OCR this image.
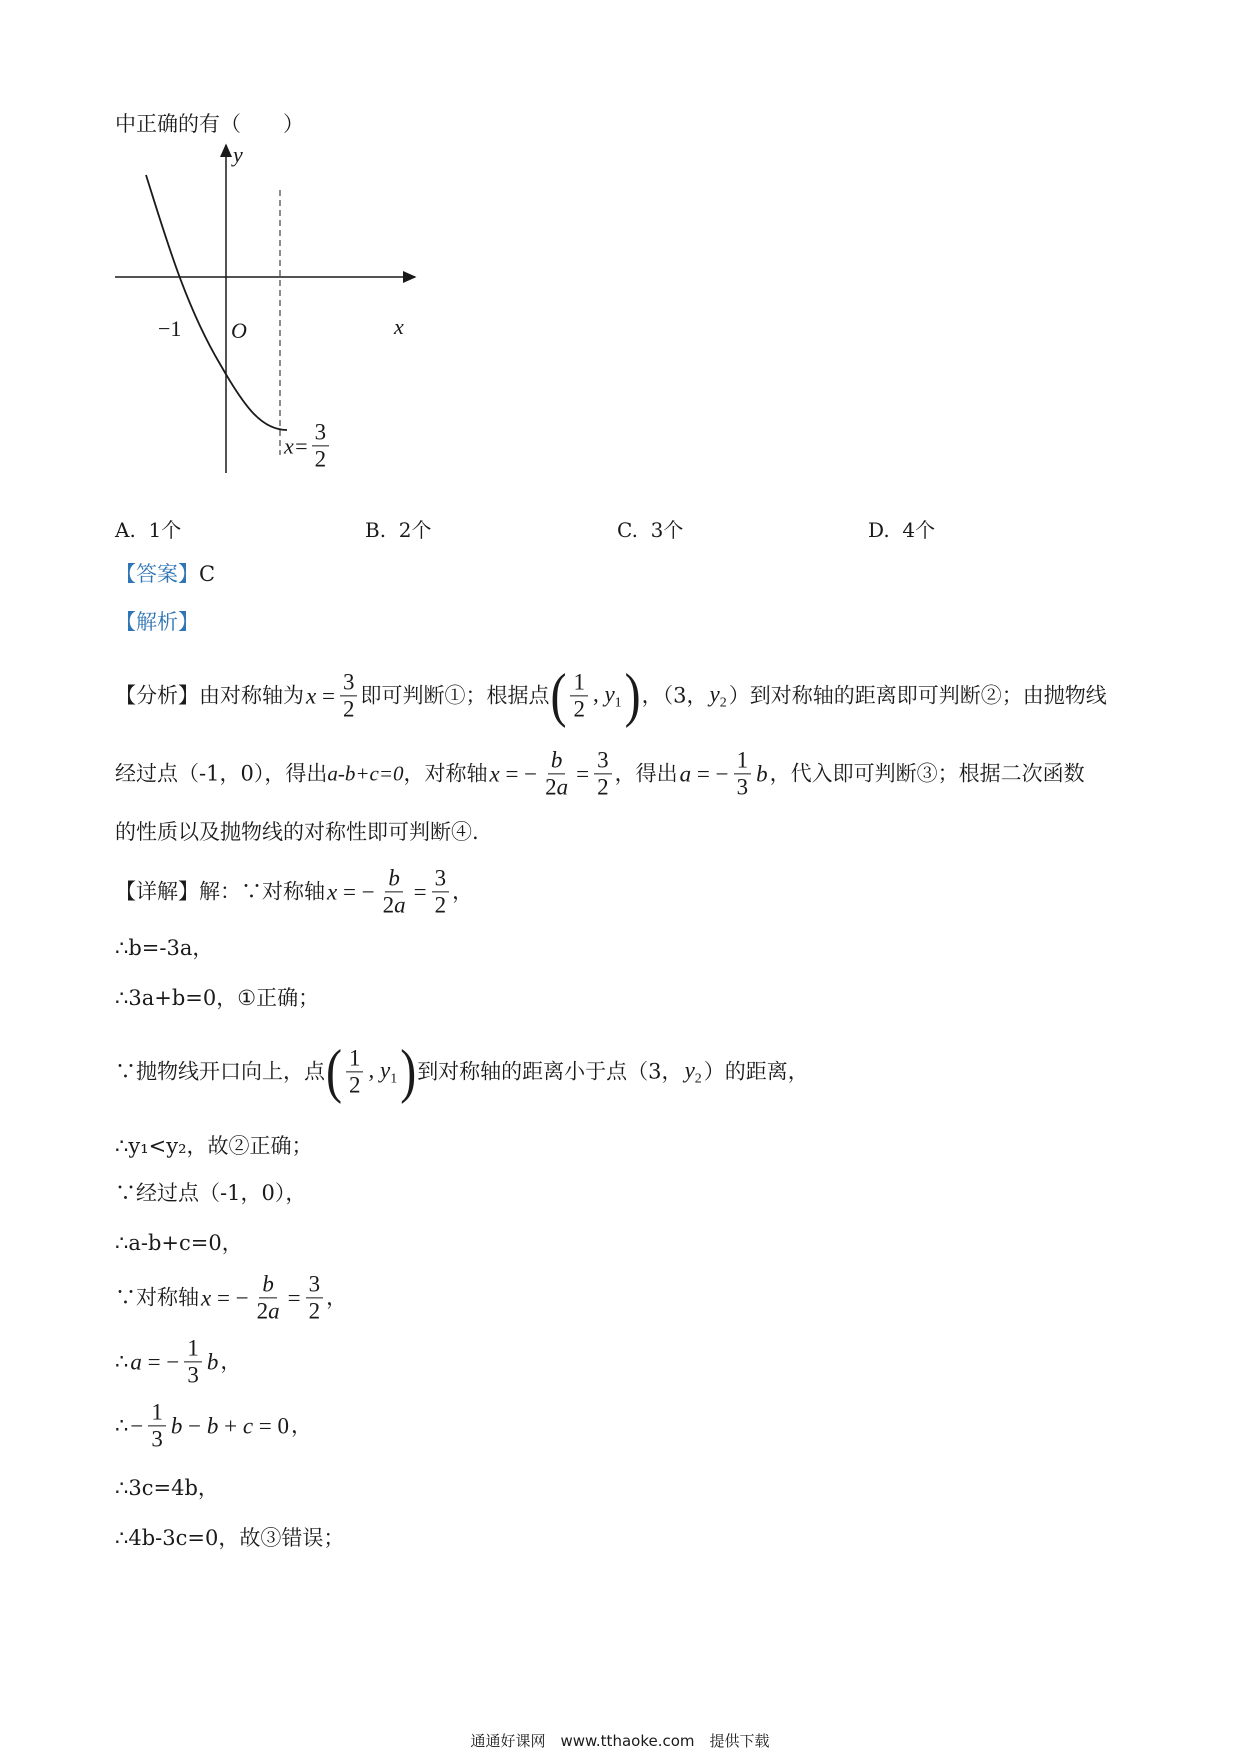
中正确的有（　　）
y
x
O
−1
$x= \frac{3}{2}$
A. 1个	B. 2个	C. 3个	D. 4个
【答案】C
【解析】
【分析】 由对称轴为 $x = \frac{3}{2}$ 即可判断①；根据点 ( $\frac{1}{2}$ , $y_1$ ) ，（3， $y_2$ ）到对称轴的距离即可判断②；由抛物线
经过点（-1，0），得出 a-b+c=0 ，对称轴 x = − $\frac{b}{2a} = \frac{3}{2}$ ，得出 a = − $\frac{1}{3}$ b ，代入即可判断③；根据二次函数
的性质以及抛物线的对称性即可判断④.
【详解】 解：∵对称轴 x = − $\frac{b}{2a} = \frac{3}{2}$ ，
∴b=-3a，
∴3a+b=0，①正确；
∵抛物线开口向上，点 ( $\frac{1}{2}$ , $y_1$ ) 到对称轴的距离小于点（3， $y_2$ ）的距离，
∴y₁<y₂，故②正确；
∵经过点（-1，0），
∴a-b+c=0，
∵对称轴 x = − $\frac{b}{2a} = \frac{3}{2}$ ，
∴ a = − $\frac{1}{3}$ b ，
∴ − $\frac{1}{3}$ b − b + c = 0 ，
∴3c=4b，
∴4b-3c=0，故③错误；
通通好课网　www.tthaoke.com　提供下载
